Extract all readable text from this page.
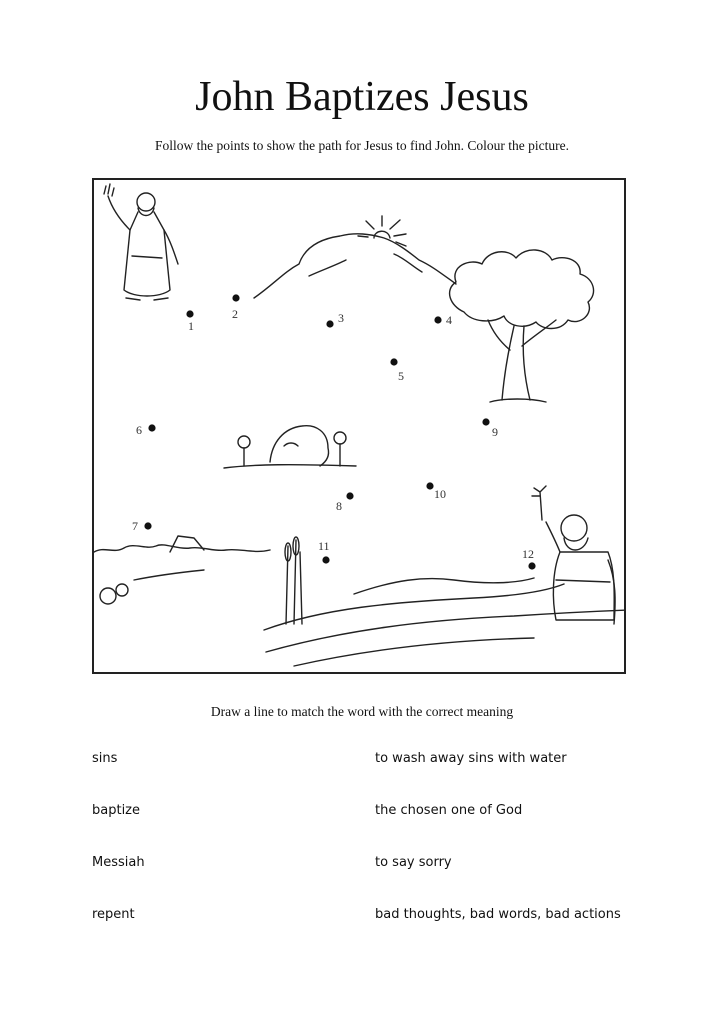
John Baptizes Jesus
Follow the points to show the path for Jesus to find John. Colour the picture.
1
2	3	4
5
6
7
8
9
10
11
12
Draw a line to match the word with the correct meaning
sins
baptize
Messiah
repent
to wash away sins with water
the chosen one of God
to say sorry
bad thoughts, bad words, bad actions
